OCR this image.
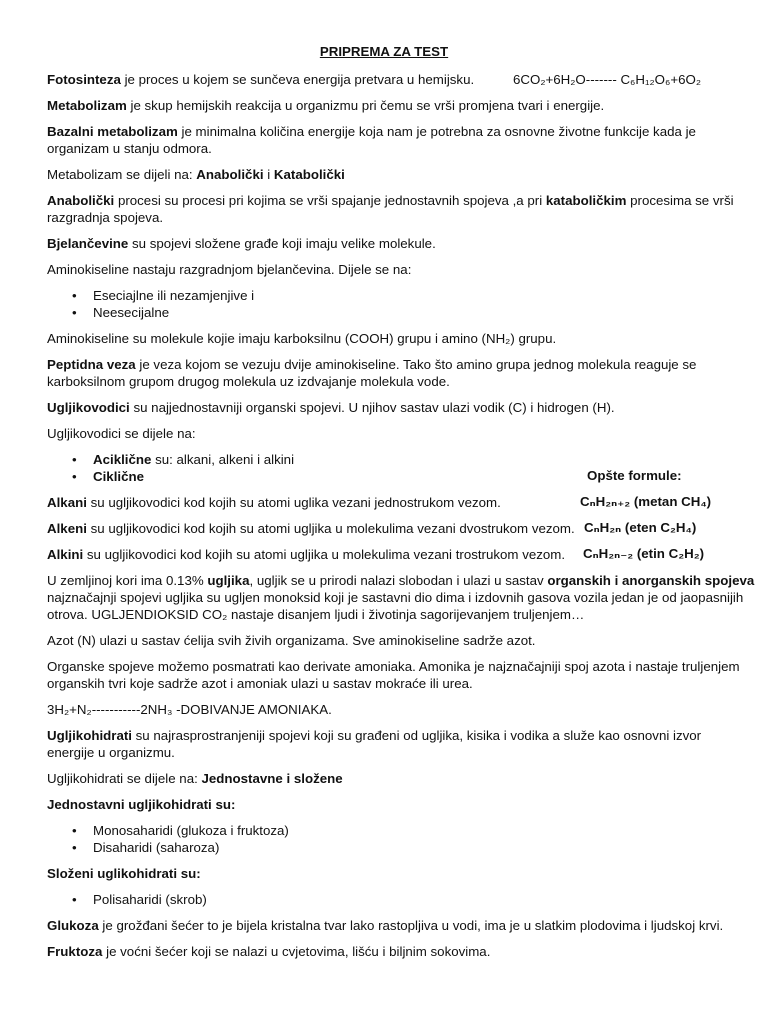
PRIPREMA ZA TEST
Fotosinteza je proces u kojem se sunčeva energija pretvara u hemijsku.	6CO₂+6H₂O------- C₆H₁₂O₆+6O₂
Metabolizam je skup hemijskih reakcija u organizmu pri čemu se vrši promjena tvari i energije.
Bazalni metabolizam je minimalna količina energije koja nam je potrebna za osnovne životne funkcije kada je
organizam u stanju odmora.
Metabolizam se dijeli na: Anabolički i Katabolički
Anabolički procesi su procesi pri kojima se vrši spajanje jednostavnih spojeva ,a pri kataboličkim procesima se vrši
razgradnja spojeva.
Bjelančevine su spojevi složene građe koji imaju velike molekule.
Aminokiseline nastaju razgradnjom bjelančevina. Dijele se na:
• Eseciajlne ili nezamjenjive i
• Neesecijalne
Aminokiseline su molekule kojie imaju karboksilnu (COOH) grupu i amino (NH₂) grupu.
Peptidna veza je veza kojom se vezuju dvije aminokiseline. Tako što amino grupa jednog molekula reaguje se
karboksilnom grupom drugog molekula uz izdvajanje molekula vode.
Ugljikovodici su najjednostavniji organski spojevi. U njihov sastav ulazi vodik (C) i hidrogen (H).
Ugljikovodici se dijele na:
• Aciklične su: alkani, alkeni i alkini
• Ciklične	Opšte formule:
Alkani su ugljikovodici kod kojih su atomi uglika vezani jednostrukom vezom.	CₙH₂ₙ₊₂ (metan CH₄)
Alkeni su ugljikovodici kod kojih su atomi ugljika u molekulima vezani dvostrukom vezom. CₙH₂ₙ (eten C₂H₄)
Alkini su ugljikovodici kod kojih su atomi ugljika u molekulima vezani trostrukom vezom.	CₙH₂ₙ₋₂ (etin C₂H₂)
U zemljinoj kori ima 0.13% ugljika, ugljik se u prirodi nalazi slobodan i ulazi u sastav organskih i anorganskih spojeva
najznačajnji spojevi ugljika su ugljen monoksid koji je sastavni dio dima i izdovnih gasova vozila jedan je od jaopasnijih
otrova. UGLJENDIOKSID CO₂ nastaje disanjem ljudi i životinja sagorijevanjem truljenjem…
Azot (N) ulazi u sastav ćelija svih živih organizama. Sve aminokiseline sadrže azot.
Organske spojeve možemo posmatrati kao derivate amoniaka. Amonika je najznačajniji spoj azota i nastaje truljenjem
organskih tvri koje sadrže azot i amoniak ulazi u sastav mokraće ili urea.
3H₂+N₂-----------2NH₃ -DOBIVANJE AMONIAKA.
Ugljikohidrati su najrasprostranjeniji spojevi koji su građeni od ugljika, kisika i vodika a služe kao osnovni izvor
energije u organizmu.
Ugljikohidrati se dijele na: Jednostavne i složene
Jednostavni ugljikohidrati su:
• Monosaharidi (glukoza i fruktoza)
• Disaharidi (saharoza)
Složeni uglikohidrati su:
• Polisaharidi (skrob)
Glukoza je grožđani šećer to je bijela kristalna tvar lako rastopljiva u vodi, ima je u slatkim plodovima i ljudskoj krvi.
Fruktoza je voćni šećer koji se nalazi u cvjetovima, lišću i biljnim sokovima.
